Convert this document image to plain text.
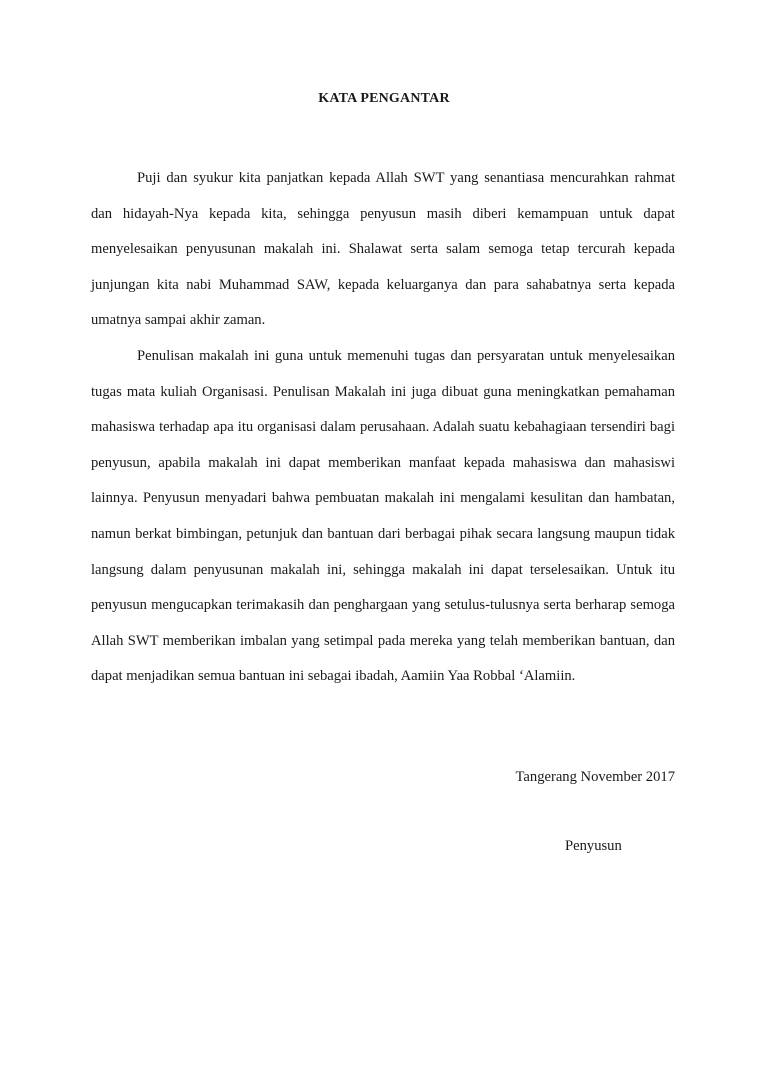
KATA PENGANTAR

Puji dan syukur kita panjatkan kepada Allah SWT yang senantiasa mencurahkan rahmat dan hidayah-Nya kepada kita, sehingga penyusun masih diberi kemampuan untuk dapat menyelesaikan penyusunan makalah ini. Shalawat serta salam semoga tetap tercurah kepada junjungan kita nabi Muhammad SAW, kepada keluarganya dan para sahabatnya serta kepada umatnya sampai akhir zaman.

Penulisan makalah ini guna untuk memenuhi tugas dan persyaratan untuk menyelesaikan tugas mata kuliah Organisasi. Penulisan Makalah ini juga dibuat guna meningkatkan pemahaman mahasiswa terhadap apa itu organisasi dalam perusahaan. Adalah suatu kebahagiaan tersendiri bagi penyusun, apabila makalah ini dapat memberikan manfaat kepada mahasiswa dan mahasiswi lainnya. Penyusun menyadari bahwa pembuatan makalah ini mengalami kesulitan dan hambatan, namun berkat bimbingan, petunjuk dan bantuan dari berbagai pihak secara langsung maupun tidak langsung dalam penyusunan makalah ini, sehingga makalah ini dapat terselesaikan. Untuk itu penyusun mengucapkan terimakasih dan penghargaan yang setulus-tulusnya serta berharap semoga Allah SWT memberikan imbalan yang setimpal pada mereka yang telah memberikan bantuan, dan dapat menjadikan semua bantuan ini sebagai ibadah, Aamiin Yaa Robbal ‘Alamiin.

Tangerang November 2017
Penyusun
